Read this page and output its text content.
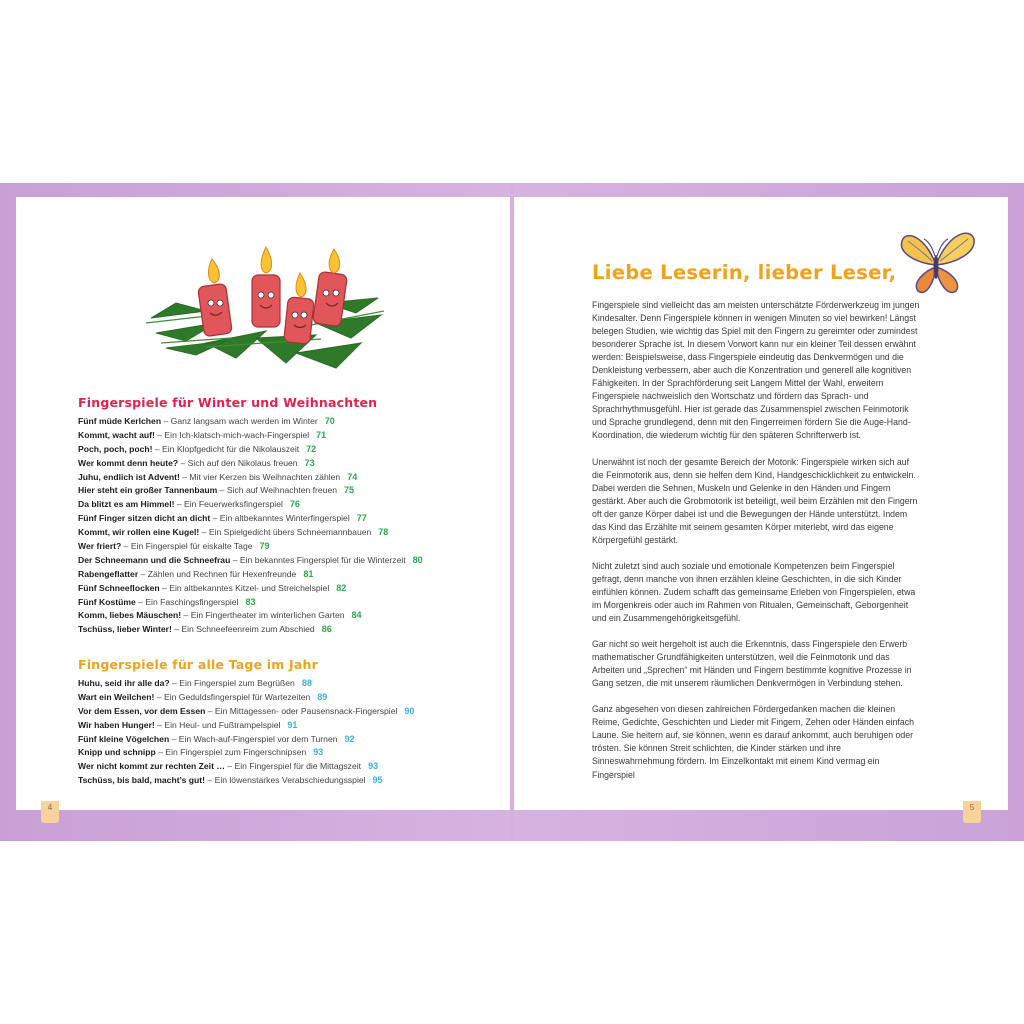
Fingerspiele für Winter und Weihnachten
Fünf müde Kerlchen – Ganz langsam wach werden im Winter 70
Kommt, wacht auf! – Ein Ich-klatsch-mich-wach-Fingerspiel 71
Poch, poch, poch! – Ein Klopfgedicht für die Nikolauszeit 72
Wer kommt denn heute? – Sich auf den Nikolaus freuen 73
Juhu, endlich ist Advent! – Mit vier Kerzen bis Weihnachten zählen 74
Hier steht ein großer Tannenbaum – Sich auf Weihnachten freuen 75
Da blitzt es am Himmel! – Ein Feuerwerksfingerspiel 76
Fünf Finger sitzen dicht an dicht – Ein altbekanntes Winterfingerspiel 77
Kommt, wir rollen eine Kugel! – Ein Spielgedicht übers Schneemannbauen 78
Wer friert? – Ein Fingerspiel für eiskalte Tage 79
Der Schneemann und die Schneefrau – Ein bekanntes Fingerspiel für die Winterzeit 80
Rabengeflatter – Zählen und Rechnen für Hexenfreunde 81
Fünf Schneeflocken – Ein altbekanntes Kitzel- und Streichelspiel 82
Fünf Kostüme – Ein Faschingsfingerspiel 83
Komm, liebes Mäuschen! – Ein Fingertheater im winterlichen Garten 84
Tschüss, lieber Winter! – Ein Schneefeenreim zum Abschied 86
Fingerspiele für alle Tage im Jahr
Huhu, seid ihr alle da? – Ein Fingerspiel zum Begrüßen 88
Wart ein Weilchen! – Ein Geduldsfingerspiel für Wartezeiten 89
Vor dem Essen, vor dem Essen – Ein Mittagessen- oder Pausensnack-Fingerspiel 90
Wir haben Hunger! – Ein Heul- und Fußtrampelspiel 91
Fünf kleine Vögelchen – Ein Wach-auf-Fingerspiel vor dem Turnen 92
Knipp und schnipp – Ein Fingerspiel zum Fingerschnipsen 93
Wer nicht kommt zur rechten Zeit … – Ein Fingerspiel für die Mittagszeit 93
Tschüss, bis bald, macht’s gut! – Ein löwenstarkes Verabschiedungsspiel 95
Liebe Leserin, lieber Leser,

Fingerspiele sind vielleicht das am meisten unterschätzte Förderwerkzeug im jungen Kindesalter. Denn Fingerspiele können in wenigen Minuten so viel bewirken! Längst belegen Studien, wie wichtig das Spiel mit den Fingern zu gereimter oder zumindest besonderer Sprache ist. In diesem Vorwort kann nur ein kleiner Teil dessen erwähnt werden: Beispielsweise, dass Fingerspiele eindeutig das Denkvermögen und die Denkleistung verbessern, aber auch die Konzentration und generell alle kognitiven Fähigkeiten. In der Sprachförderung seit Langem Mittel der Wahl, erweitern Fingerspiele nachweislich den Wortschatz und fördern das Sprach- und Sprachrhythmusgefühl. Hier ist gerade das Zusammenspiel zwischen Feinmotorik und Sprache grundlegend, denn mit den Fingerreimen fördern Sie die Auge-Hand-Koordination, die wiederum wichtig für den späteren Schrifterwerb ist.

Unerwähnt ist noch der gesamte Bereich der Motorik: Fingerspiele wirken sich auf die Feinmotorik aus, denn sie helfen dem Kind, Handgeschicklichkeit zu entwickeln. Dabei werden die Sehnen, Muskeln und Gelenke in den Händen und Fingern gestärkt. Aber auch die Grobmotorik ist beteiligt, weil beim Erzählen mit den Fingern oft der ganze Körper dabei ist und die Bewegungen der Hände unterstützt. Indem das Kind das Erzählte mit seinem gesamten Körper miterlebt, wird das eigene Körpergefühl gestärkt.

Nicht zuletzt sind auch soziale und emotionale Kompetenzen beim Fingerspiel gefragt, denn manche von ihnen erzählen kleine Geschichten, in die sich Kinder einfühlen können. Zudem schafft das gemeinsame Erleben von Fingerspielen, etwa im Morgenkreis oder auch im Rahmen von Ritualen, Gemeinschaft, Geborgenheit und ein Zusammengehörigkeitsgefühl.

Gar nicht so weit hergeholt ist auch die Erkenntnis, dass Fingerspiele den Erwerb mathematischer Grundfähigkeiten unterstützen, weil die Feinmotorik und das Arbeiten und „Sprechen“ mit Händen und Fingern bestimmte kognitive Prozesse in Gang setzen, die mit unserem räumlichen Denkvermögen in Verbindung stehen.

Ganz abgesehen von diesen zahlreichen Fördergedanken machen die kleinen Reime, Gedichte, Geschichten und Lieder mit Fingern, Zehen oder Händen einfach Laune. Sie heitern auf, sie können, wenn es darauf ankommt, auch beruhigen oder trösten. Sie können Streit schlichten, die Kinder stärken und ihre Sinneswahrnehmung fördern. Im Einzelkontakt mit einem Kind vermag ein Fingerspiel

4	5
